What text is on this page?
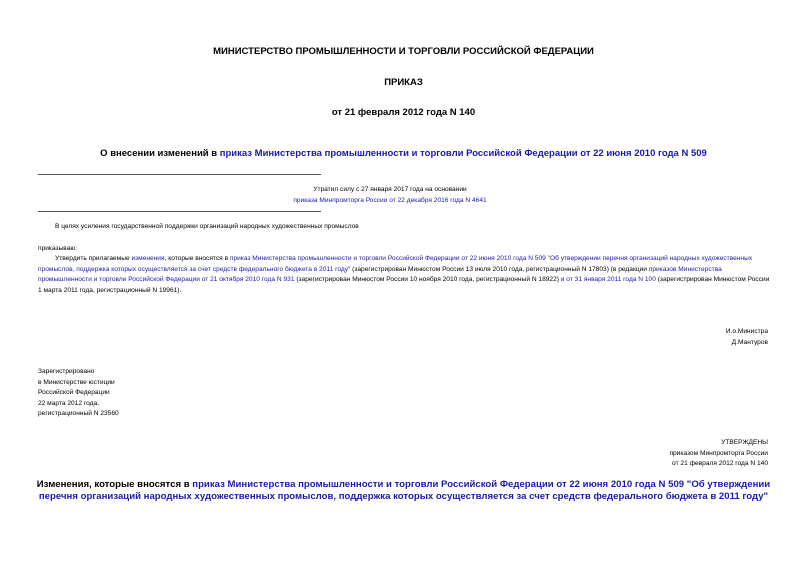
МИНИСТЕРСТВО ПРОМЫШЛЕННОСТИ И ТОРГОВЛИ РОССИЙСКОЙ ФЕДЕРАЦИИ
ПРИКАЗ
от 21 февраля 2012 года N 140
О внесении изменений в приказ Министерства промышленности и торговли Российской Федерации от 22 июня 2010 года N 509
Утратил силу с 27 января 2017 года на основании
приказа Минпромторга России от 22 декабря 2016 года N 4641
В целях усиления государственной поддержки организаций народных художественных промыслов
приказываю:
Утвердить прилагаемые изменения, которые вносятся в приказ Министерства промышленности и торговли Российской Федерации от 22 июня 2010 года N 509 "Об утверждении перечня организаций народных художественных промыслов, поддержка которых осуществляется за счет средств федерального бюджета в 2011 году" (зарегистрирован Минюстом России 13 июля 2010 года, регистрационный N 17803) (в редакции приказов Министерства промышленности и торговли Российской Федерации от 21 октября 2010 года N 931 (зарегистрирован Минюстом России 10 ноября 2010 года, регистрационный N 18922) и от 31 января 2011 года N 100 (зарегистрирован Минюстом России 1 марта 2011 года, регистрационный N 19961).
И.о.Министра
Д.Мантуров
Зарегистрировано
в Министерстве юстиции
Российской Федерации
22 марта 2012 года,
регистрационный N 23560
УТВЕРЖДЕНЫ
приказом Минпромторга России
от 21 февраля 2012 года N 140
Изменения, которые вносятся в приказ Министерства промышленности и торговли Российской Федерации от 22 июня 2010 года N 509 "Об утверждении перечня организаций народных художественных промыслов, поддержка которых осуществляется за счет средств федерального бюджета в 2011 году"
